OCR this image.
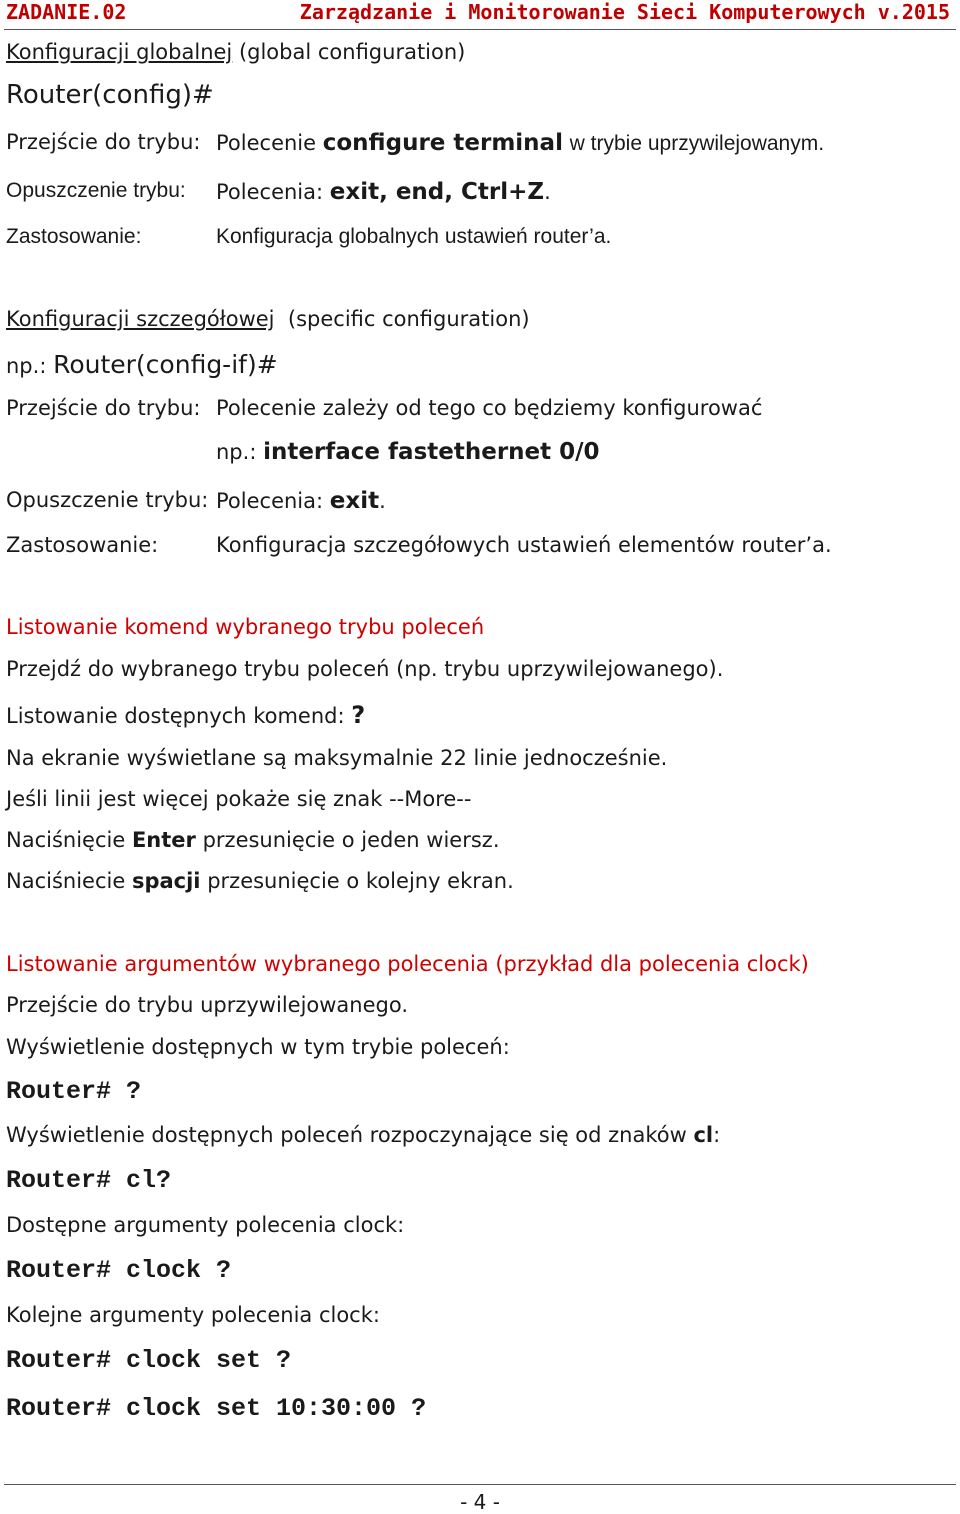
ZADANIE.02	Zarządzanie i Monitorowanie Sieci Komputerowych v.2015
Konfiguracji globalnej (global configuration)
Router(config)#
Przejście do trybu: Polecenie configure terminal w trybie uprzywilejowanym.
Opuszczenie trybu: Polecenia: exit, end, Ctrl+Z.
Zastosowanie:	Konfiguracja globalnych ustawień router’a.
Konfiguracji szczegółowej (specific configuration)
np.: Router(config-if)#
Przejście do trybu: Polecenie zależy od tego co będziemy konfigurować
np.: interface fastethernet 0/0
Opuszczenie trybu: Polecenia: exit.
Zastosowanie:	Konfiguracja szczegółowych ustawień elementów router’a.
Listowanie komend wybranego trybu poleceń
Przejdź do wybranego trybu poleceń (np. trybu uprzywilejowanego).
Listowanie dostępnych komend: ?
Na ekranie wyświetlane są maksymalnie 22 linie jednocześnie.
Jeśli linii jest więcej pokaże się znak --More--
Naciśnięcie Enter przesunięcie o jeden wiersz.
Naciśniecie spacji przesunięcie o kolejny ekran.
Listowanie argumentów wybranego polecenia (przykład dla polecenia clock)
Przejście do trybu uprzywilejowanego.
Wyświetlenie dostępnych w tym trybie poleceń:
Router# ?
Wyświetlenie dostępnych poleceń rozpoczynające się od znaków cl:
Router# cl?
Dostępne argumenty polecenia clock:
Router# clock ?
Kolejne argumenty polecenia clock:
Router# clock set ?
Router# clock set 10:30:00 ?
- 4 -
